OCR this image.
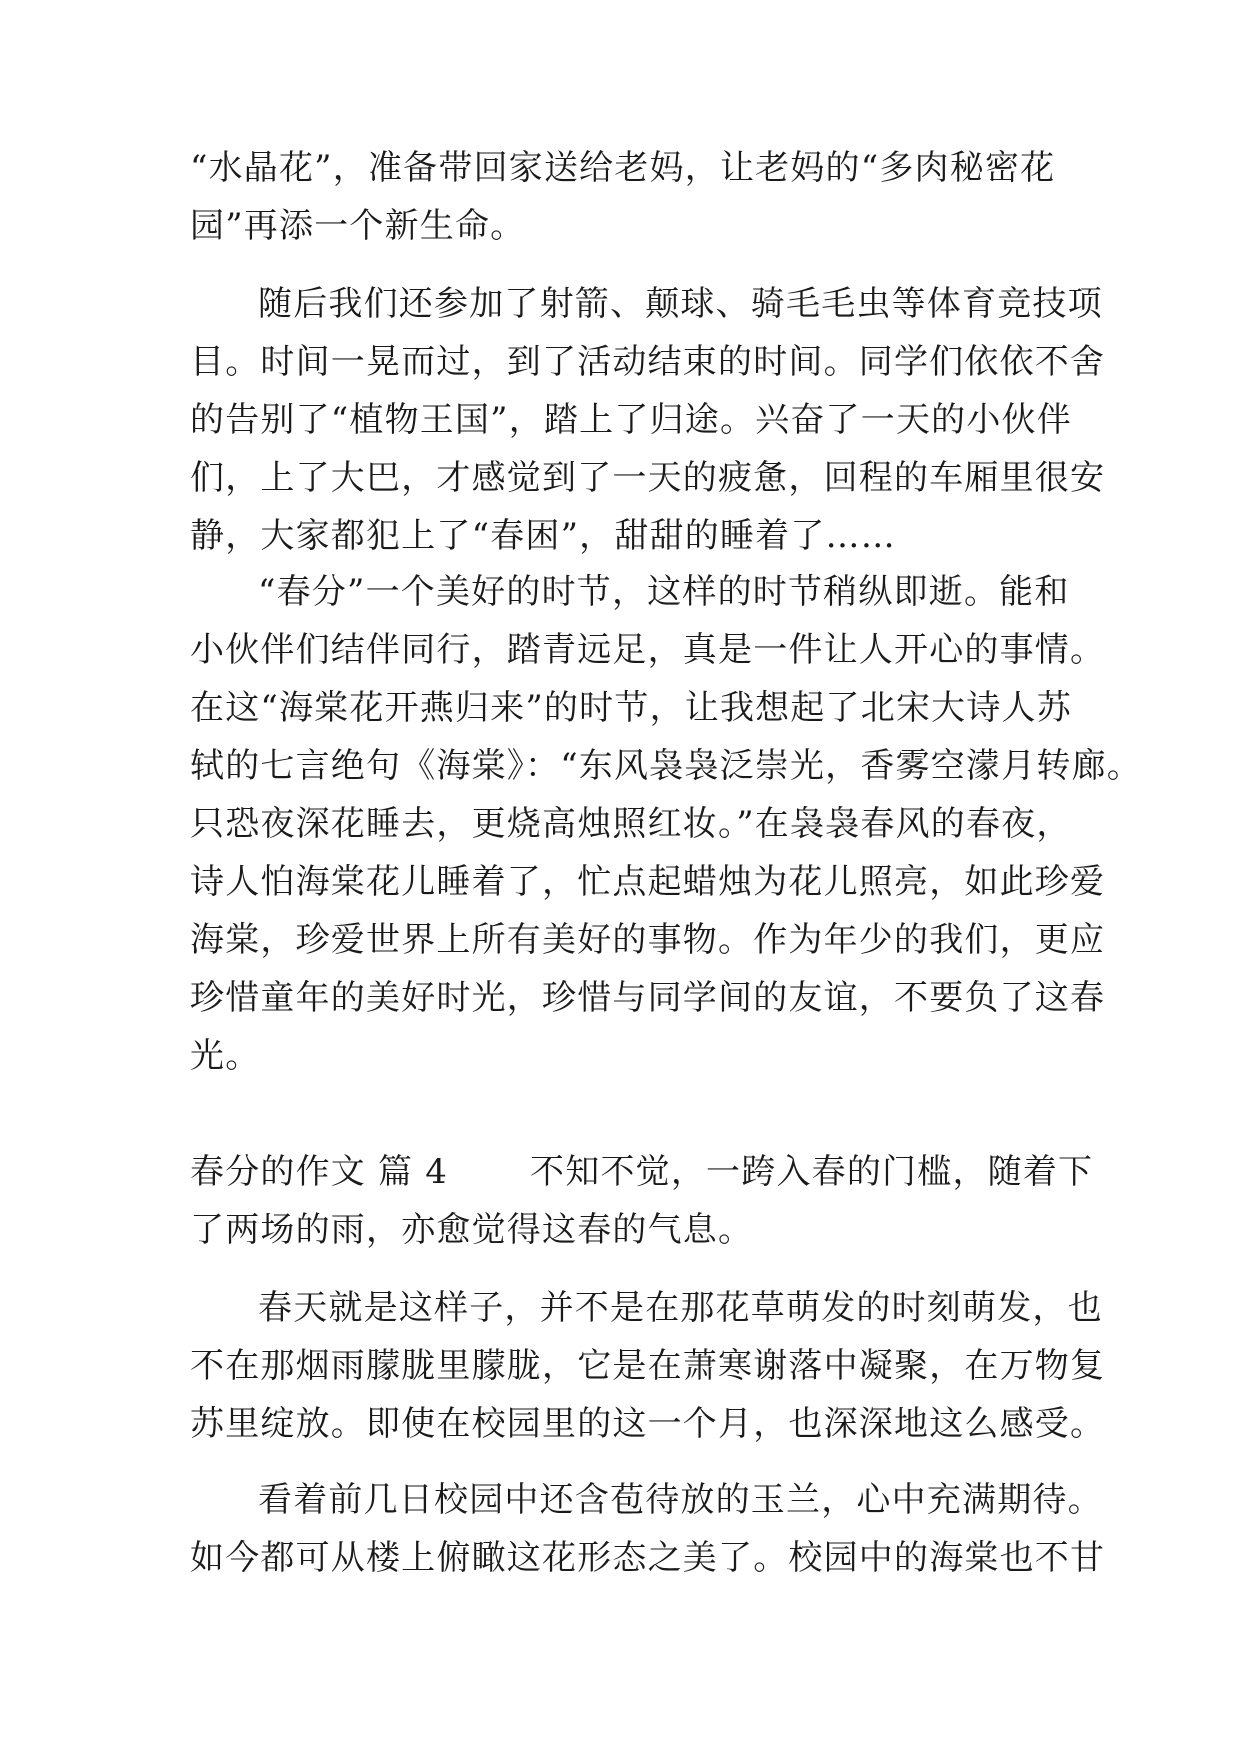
“水晶花”，准备带回家送给老妈，让老妈的“多肉秘密花
园”再添一个新生命。
随后我们还参加了射箭、颠球、骑毛毛虫等体育竞技项
目。时间一晃而过，到了活动结束的时间。同学们依依不舍
的告别了“植物王国”，踏上了归途。兴奋了一天的小伙伴
们，上了大巴，才感觉到了一天的疲惫，回程的车厢里很安
静，大家都犯上了“春困”，甜甜的睡着了……
“春分”一个美好的时节，这样的时节稍纵即逝。能和
小伙伴们结伴同行，踏青远足，真是一件让人开心的事情。
在这“海棠花开燕归来”的时节，让我想起了北宋大诗人苏
轼的七言绝句《海棠》：“东风袅袅泛崇光，香雾空濛月转廊。
只恐夜深花睡去，更烧高烛照红妆。”在袅袅春风的春夜，
诗人怕海棠花儿睡着了，忙点起蜡烛为花儿照亮，如此珍爱
海棠，珍爱世界上所有美好的事物。作为年少的我们，更应
珍惜童年的美好时光，珍惜与同学间的友谊，不要负了这春
光。
春分的作文 篇 4 不知不觉，一跨入春的门槛，随着下
了两场的雨，亦愈觉得这春的气息。
春天就是这样子，并不是在那花草萌发的时刻萌发，也
不在那烟雨朦胧里朦胧，它是在萧寒谢落中凝聚，在万物复
苏里绽放。即使在校园里的这一个月，也深深地这么感受。
看着前几日校园中还含苞待放的玉兰，心中充满期待。
如今都可从楼上俯瞰这花形态之美了。校园中的海棠也不甘
